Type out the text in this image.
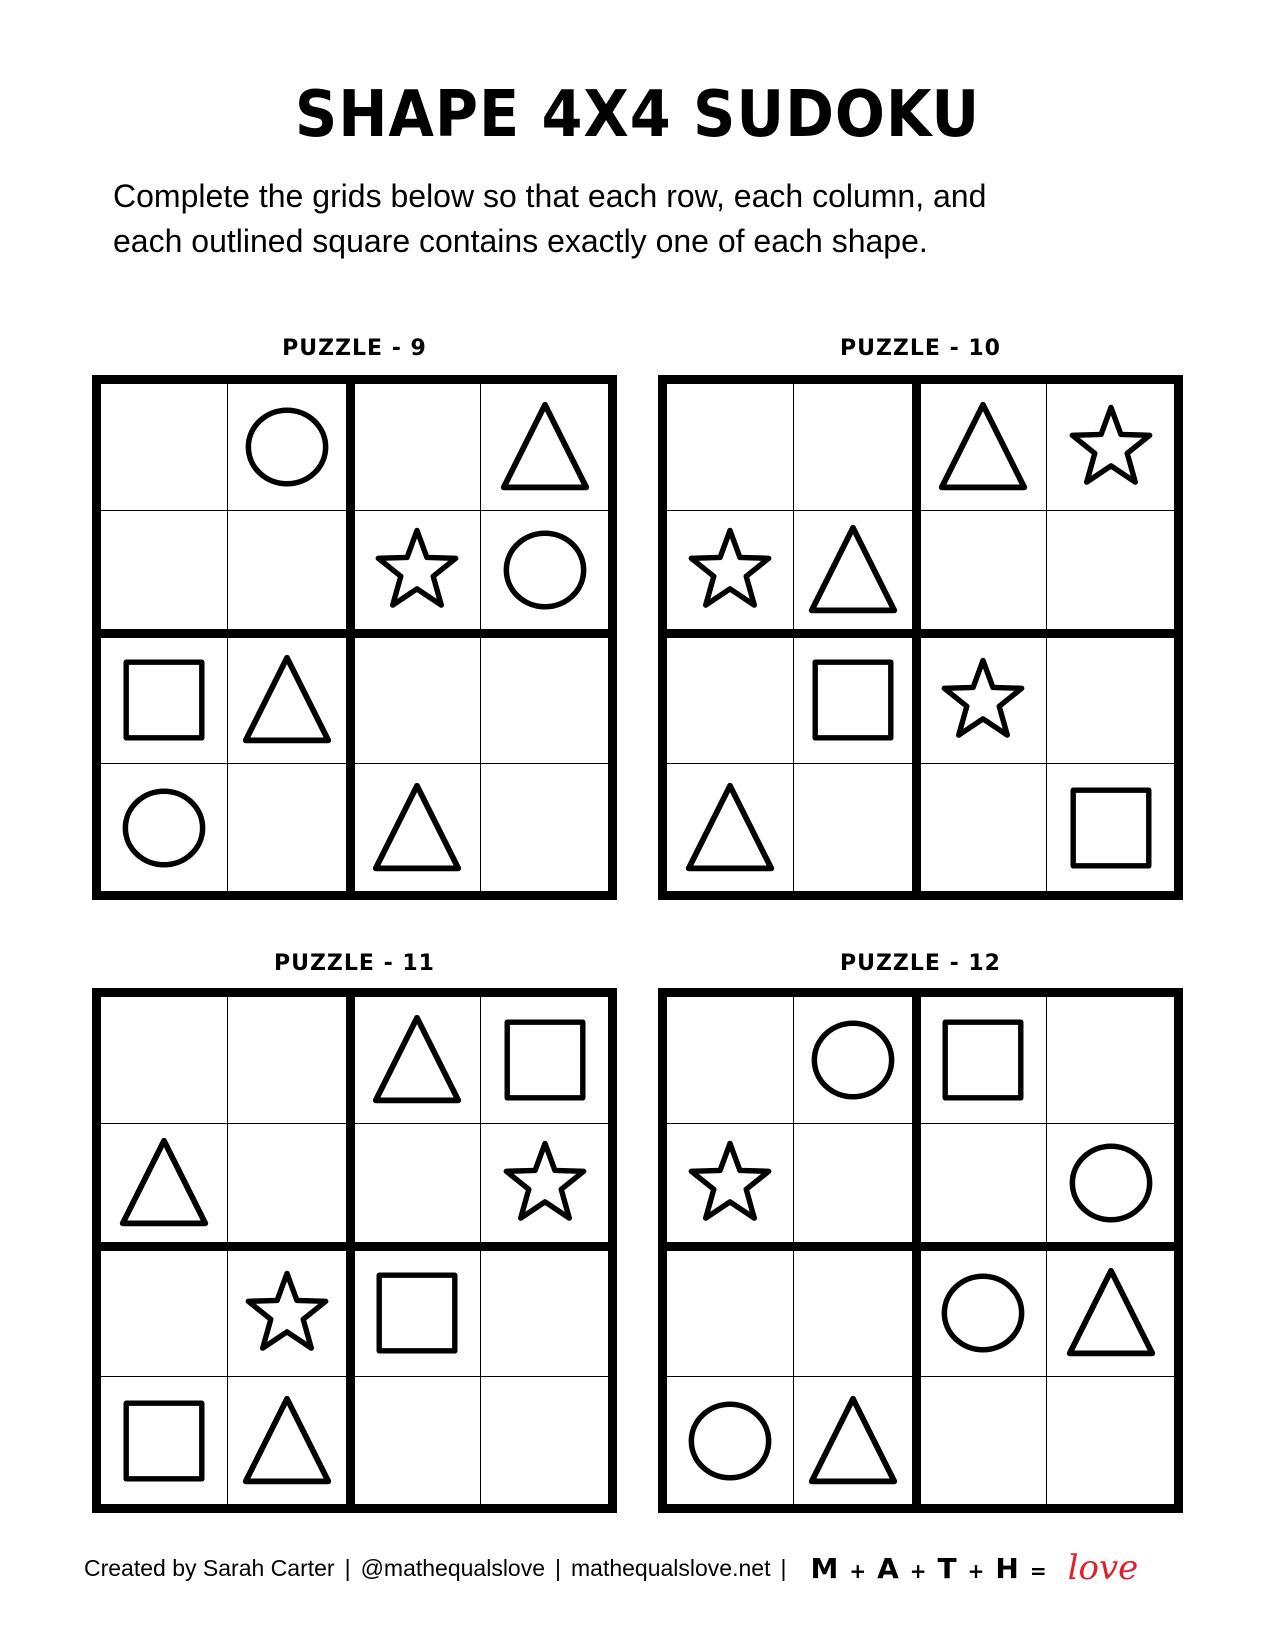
SHAPE 4X4 SUDOKU
Complete the grids below so that each row, each column, and
each outlined square contains exactly one of each shape.
PUZZLE - 9	PUZZLE - 10
PUZZLE - 11	PUZZLE - 12
Created by Sarah Carter | @mathequalslove | mathequalslove.net | M + A + T + H = love
